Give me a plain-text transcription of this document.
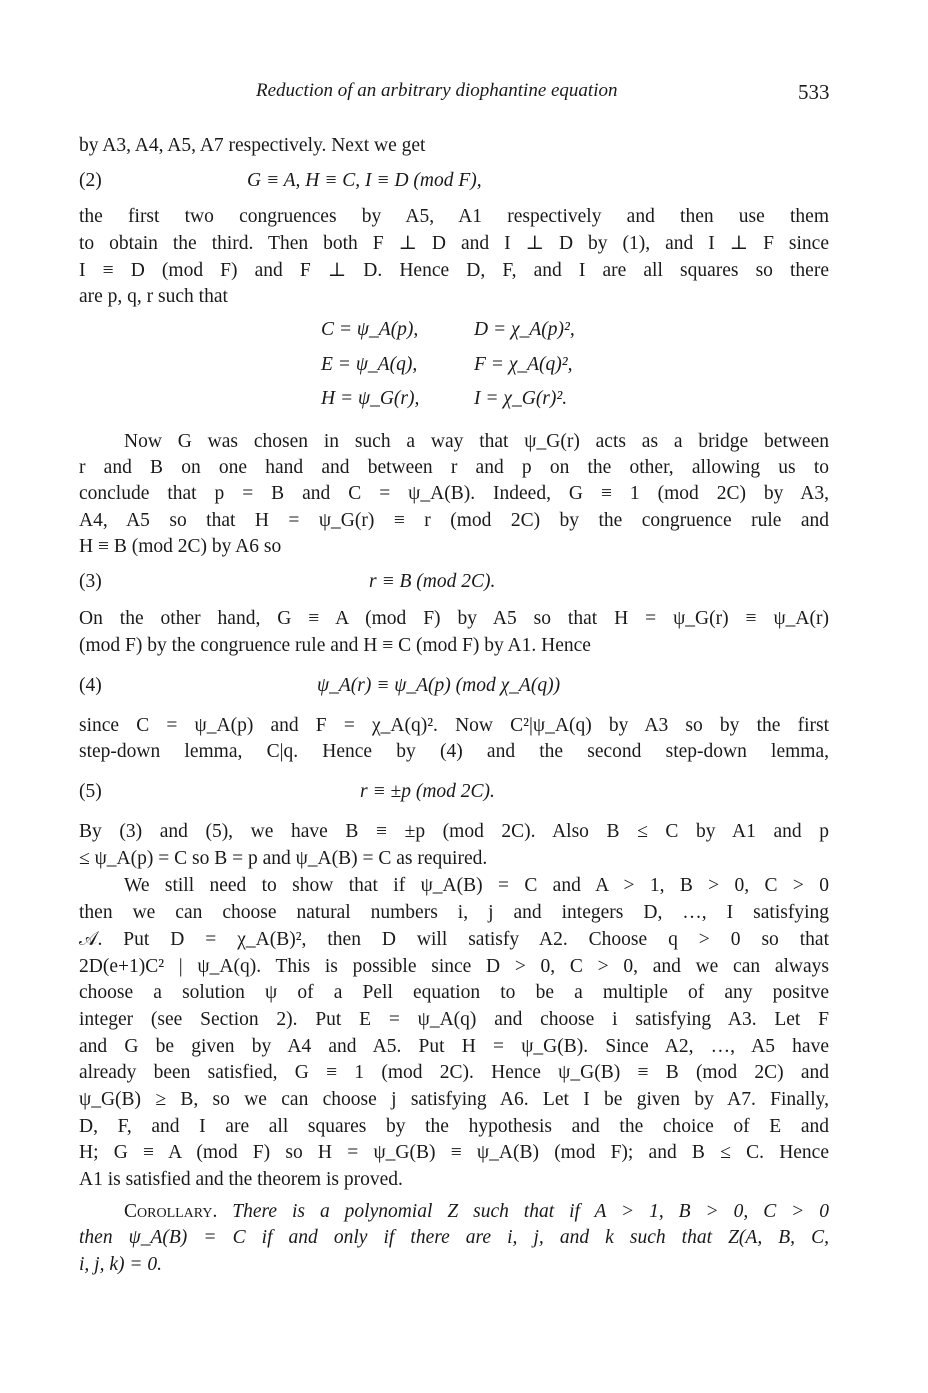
Reduction of an arbitrary diophantine equation	533
by A3, A4, A5, A7 respectively. Next we get
(2)	G ≡ A, H ≡ C, I ≡ D (mod F),
the first two congruences by A5, A1 respectively and then use them
to obtain the third. Then both F ⊥ D and I ⊥ D by (1), and I ⊥ F since
I ≡ D (mod F) and F ⊥ D. Hence D, F, and I are all squares so there
are p, q, r such that
C = ψ_A(p),	D = χ_A(p)²,
E = ψ_A(q),	F = χ_A(q)²,
H = ψ_G(r),	I = χ_G(r)².
Now G was chosen in such a way that ψ_G(r) acts as a bridge between
r and B on one hand and between r and p on the other, allowing us to
conclude that p = B and C = ψ_A(B). Indeed, G ≡ 1 (mod 2C) by A3,
A4, A5 so that H = ψ_G(r) ≡ r (mod 2C) by the congruence rule and
H ≡ B (mod 2C) by A6 so
(3)	r ≡ B (mod 2C).
On the other hand, G ≡ A (mod F) by A5 so that H = ψ_G(r) ≡ ψ_A(r)
(mod F) by the congruence rule and H ≡ C (mod F) by A1. Hence
(4)	ψ_A(r) ≡ ψ_A(p) (mod χ_A(q))
since C = ψ_A(p) and F = χ_A(q)². Now C²|ψ_A(q) by A3 so by the first
step-down lemma, C|q. Hence by (4) and the second step-down lemma,
(5)	r ≡ ±p (mod 2C).
By (3) and (5), we have B ≡ ±p (mod 2C). Also B ≤ C by A1 and p
≤ ψ_A(p) = C so B = p and ψ_A(B) = C as required.
We still need to show that if ψ_A(B) = C and A > 1, B > 0, C > 0
then we can choose natural numbers i, j and integers D, …, I satisfying
𝒜. Put D = χ_A(B)², then D will satisfy A2. Choose q > 0 so that
2D(e+1)C² | ψ_A(q). This is possible since D > 0, C > 0, and we can always
choose a solution ψ of a Pell equation to be a multiple of any positve
integer (see Section 2). Put E = ψ_A(q) and choose i satisfying A3. Let F
and G be given by A4 and A5. Put H = ψ_G(B). Since A2, …, A5 have
already been satisfied, G ≡ 1 (mod 2C). Hence ψ_G(B) ≡ B (mod 2C) and
ψ_G(B) ≥ B, so we can choose j satisfying A6. Let I be given by A7. Finally,
D, F, and I are all squares by the hypothesis and the choice of E and
H; G ≡ A (mod F) so H = ψ_G(B) ≡ ψ_A(B) (mod F); and B ≤ C. Hence
A1 is satisfied and the theorem is proved.
Corollary. There is a polynomial Z such that if A > 1, B > 0, C > 0
then ψ_A(B) = C if and only if there are i, j, and k such that Z(A, B, C,
i, j, k) = 0.
